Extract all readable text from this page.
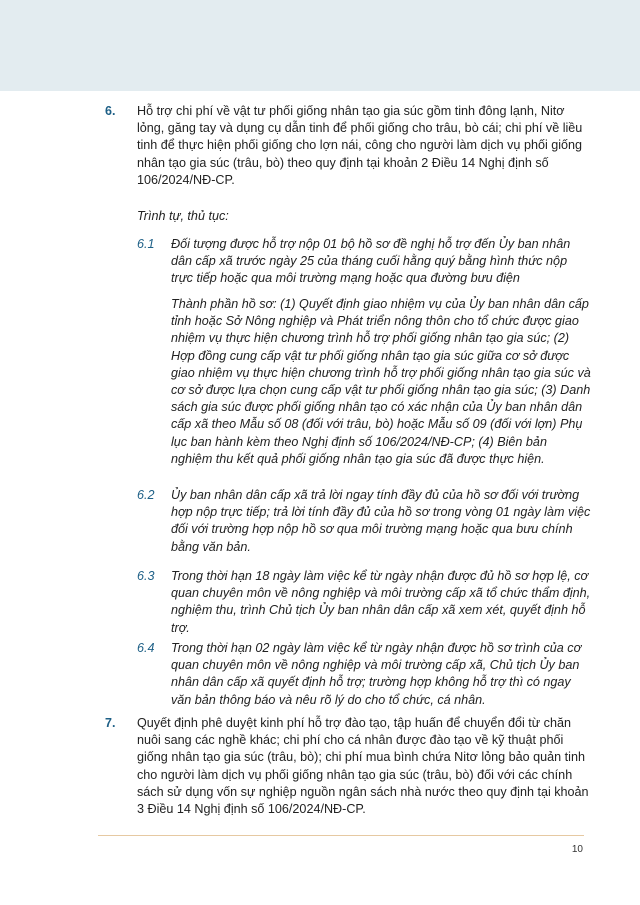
6. Hỗ trợ chi phí về vật tư phối giống nhân tạo gia súc gồm tinh đông lạnh, Nitơ lỏng, găng tay và dụng cụ dẫn tinh để phối giống cho trâu, bò cái; chi phí về liều tinh để thực hiện phối giống cho lợn nái, công cho người làm dịch vụ phối giống nhân tạo gia súc (trâu, bò) theo quy định tại khoản 2 Điều 14 Nghị định số 106/2024/NĐ-CP.

Trình tự, thủ tục:

6.1 Đối tượng được hỗ trợ nộp 01 bộ hồ sơ đề nghị hỗ trợ đến Ủy ban nhân dân cấp xã trước ngày 25 của tháng cuối hằng quý bằng hình thức nộp trực tiếp hoặc qua môi trường mạng hoặc qua đường bưu điện

Thành phần hồ sơ: (1) Quyết định giao nhiệm vụ của Ủy ban nhân dân cấp tỉnh hoặc Sở Nông nghiệp và Phát triển nông thôn cho tổ chức được giao nhiệm vụ thực hiện chương trình hỗ trợ phối giống nhân tạo gia súc; (2) Hợp đồng cung cấp vật tư phối giống nhân tạo gia súc giữa cơ sở được giao nhiệm vụ thực hiện chương trình hỗ trợ phối giống nhân tạo gia súc và cơ sở được lựa chọn cung cấp vật tư phối giống nhân tạo gia súc; (3) Danh sách gia súc được phối giống nhân tạo có xác nhận của Ủy ban nhân dân cấp xã theo Mẫu số 08 (đối với trâu, bò) hoặc Mẫu số 09 (đối với lợn) Phụ lục ban hành kèm theo Nghị định số 106/2024/NĐ-CP; (4) Biên bản nghiệm thu kết quả phối giống nhân tạo gia súc đã được thực hiện.

6.2 Ủy ban nhân dân cấp xã trả lời ngay tính đầy đủ của hồ sơ đối với trường hợp nộp trực tiếp; trả lời tính đầy đủ của hồ sơ trong vòng 01 ngày làm việc đối với trường hợp nộp hồ sơ qua môi trường mạng hoặc qua bưu chính bằng văn bản.

6.3 Trong thời hạn 18 ngày làm việc kể từ ngày nhận được đủ hồ sơ hợp lệ, cơ quan chuyên môn về nông nghiệp và môi trường cấp xã tổ chức thẩm định, nghiệm thu, trình Chủ tịch Ủy ban nhân dân cấp xã xem xét, quyết định hỗ trợ.

6.4 Trong thời hạn 02 ngày làm việc kể từ ngày nhận được hồ sơ trình của cơ quan chuyên môn về nông nghiệp và môi trường cấp xã, Chủ tịch Ủy ban nhân dân cấp xã quyết định hỗ trợ; trường hợp không hỗ trợ thì có ngay văn bản thông báo và nêu rõ lý do cho tổ chức, cá nhân.

7. Quyết định phê duyệt kinh phí hỗ trợ đào tạo, tập huấn để chuyển đổi từ chăn nuôi sang các nghề khác; chi phí cho cá nhân được đào tạo về kỹ thuật phối giống nhân tạo gia súc (trâu, bò); chi phí mua bình chứa Nitơ lỏng bảo quản tinh cho người làm dịch vụ phối giống nhân tạo gia súc (trâu, bò) đối với các chính sách sử dụng vốn sự nghiệp nguồn ngân sách nhà nước theo quy định tại khoản 3 Điều 14 Nghị định số 106/2024/NĐ-CP.

10
